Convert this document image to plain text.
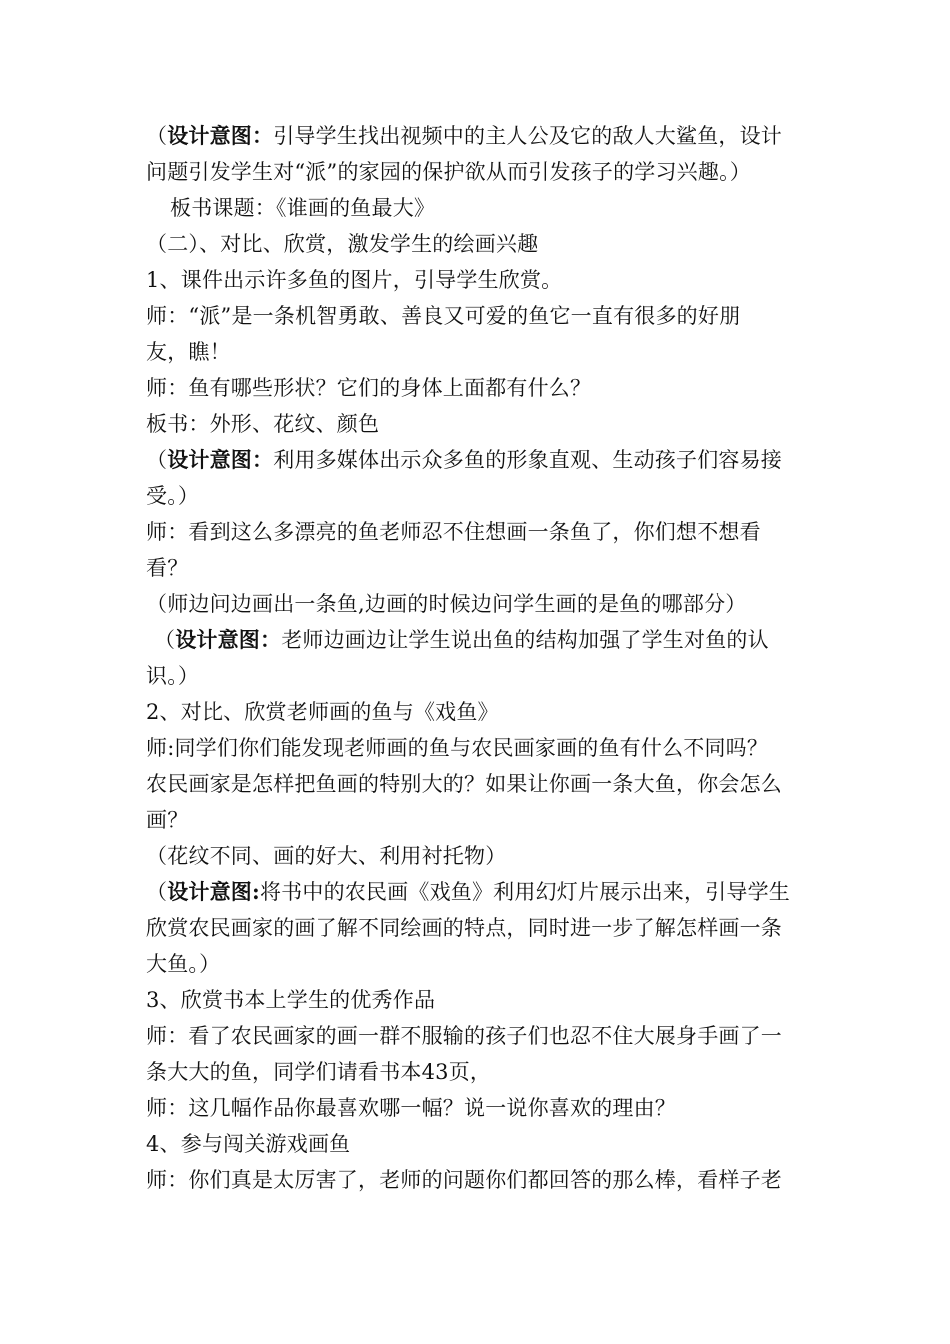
（设计意图：引导学生找出视频中的主人公及它的敌人大鲨鱼，设计
问题引发学生对“派”的家园的保护欲从而引发孩子的学习兴趣。）
板书课题：《谁画的鱼最大》
（二）、对比、欣赏，激发学生的绘画兴趣
1、课件出示许多鱼的图片，引导学生欣赏。
师：“派”是一条机智勇敢、善良又可爱的鱼它一直有很多的好朋
友，瞧！
师：鱼有哪些形状？它们的身体上面都有什么？
板书：外形、花纹、颜色
（设计意图：利用多媒体出示众多鱼的形象直观、生动孩子们容易接
受。）
师：看到这么多漂亮的鱼老师忍不住想画一条鱼了，你们想不想看
看？
（师边问边画出一条鱼,边画的时候边问学生画的是鱼的哪部分）
（设计意图：老师边画边让学生说出鱼的结构加强了学生对鱼的认
识。）
2、对比、欣赏老师画的鱼与《戏鱼》
师:同学们你们能发现老师画的鱼与农民画家画的鱼有什么不同吗？
农民画家是怎样把鱼画的特别大的？如果让你画一条大鱼，你会怎么
画？
（花纹不同、画的好大、利用衬托物）
（设计意图:将书中的农民画《戏鱼》利用幻灯片展示出来，引导学生
欣赏农民画家的画了解不同绘画的特点，同时进一步了解怎样画一条
大鱼。）
3、欣赏书本上学生的优秀作品
师：看了农民画家的画一群不服输的孩子们也忍不住大展身手画了一
条大大的鱼，同学们请看书本43页，
师：这几幅作品你最喜欢哪一幅？说一说你喜欢的理由？
4、参与闯关游戏画鱼
师：你们真是太厉害了，老师的问题你们都回答的那么棒，看样子老
